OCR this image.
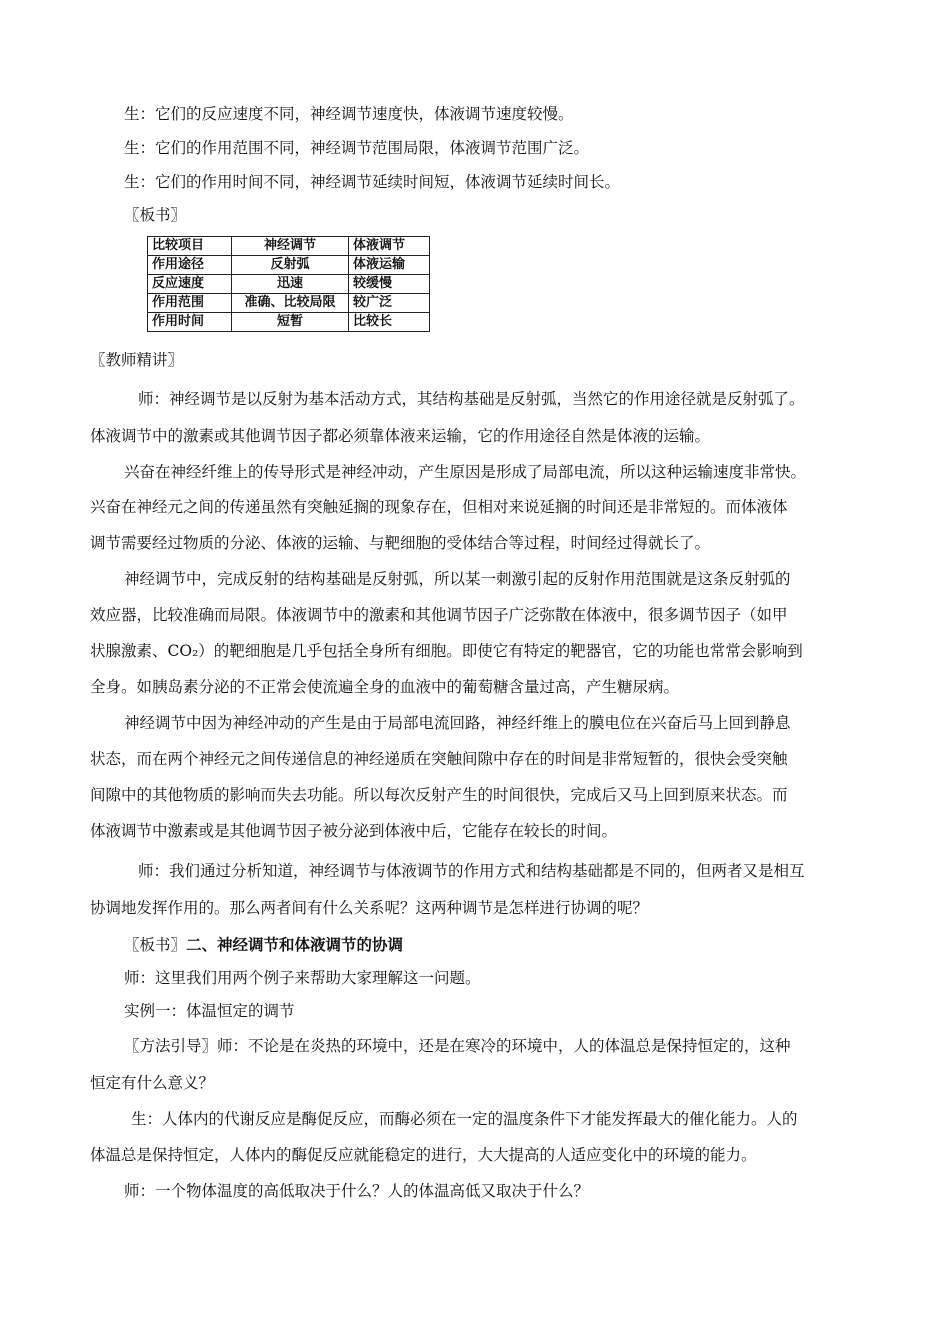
生：它们的反应速度不同，神经调节速度快，体液调节速度较慢。
生：它们的作用范围不同，神经调节范围局限，体液调节范围广泛。
生：它们的作用时间不同，神经调节延续时间短，体液调节延续时间长。
〖板书〗
比较项目	神经调节	体液调节
作用途径	反射弧	体液运输
反应速度	迅速	较缓慢
作用范围	准确、比较局限	较广泛
作用时间	短暂	比较长
〖教师精讲〗
师：神经调节是以反射为基本活动方式，其结构基础是反射弧，当然它的作用途径就是反射弧了。
体液调节中的激素或其他调节因子都必须靠体液来运输，它的作用途径自然是体液的运输。
兴奋在神经纤维上的传导形式是神经冲动，产生原因是形成了局部电流，所以这种运输速度非常快。
兴奋在神经元之间的传递虽然有突触延搁的现象存在，但相对来说延搁的时间还是非常短的。而体液体
调节需要经过物质的分泌、体液的运输、与靶细胞的受体结合等过程，时间经过得就长了。
神经调节中，完成反射的结构基础是反射弧，所以某一刺激引起的反射作用范围就是这条反射弧的
效应器，比较准确而局限。体液调节中的激素和其他调节因子广泛弥散在体液中，很多调节因子（如甲
状腺激素、CO₂）的靶细胞是几乎包括全身所有细胞。即使它有特定的靶器官，它的功能也常常会影响到
全身。如胰岛素分泌的不正常会使流遍全身的血液中的葡萄糖含量过高，产生糖尿病。
神经调节中因为神经冲动的产生是由于局部电流回路，神经纤维上的膜电位在兴奋后马上回到静息
状态，而在两个神经元之间传递信息的神经递质在突触间隙中存在的时间是非常短暂的，很快会受突触
间隙中的其他物质的影响而失去功能。所以每次反射产生的时间很快，完成后又马上回到原来状态。而
体液调节中激素或是其他调节因子被分泌到体液中后，它能存在较长的时间。
师：我们通过分析知道，神经调节与体液调节的作用方式和结构基础都是不同的，但两者又是相互
协调地发挥作用的。那么两者间有什么关系呢？这两种调节是怎样进行协调的呢？
〖板书〗二、神经调节和体液调节的协调
师：这里我们用两个例子来帮助大家理解这一问题。
实例一：体温恒定的调节
〖方法引导〗师：不论是在炎热的环境中，还是在寒冷的环境中，人的体温总是保持恒定的，这种
恒定有什么意义？
生：人体内的代谢反应是酶促反应，而酶必须在一定的温度条件下才能发挥最大的催化能力。人的
体温总是保持恒定，人体内的酶促反应就能稳定的进行，大大提高的人适应变化中的环境的能力。
师：一个物体温度的高低取决于什么？人的体温高低又取决于什么？
